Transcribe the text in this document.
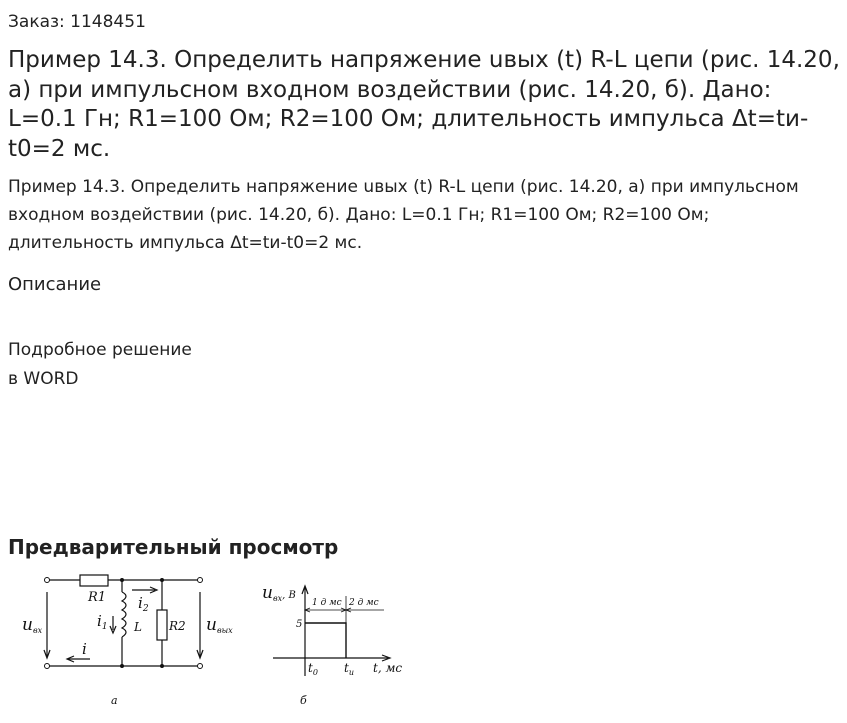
Заказ: 1148451
Пример 14.3. Определить напряжение uвых (t) R-L цепи (рис. 14.20, а) при импульсном входном воздействии (рис. 14.20, б). Дано: L=0.1 Гн; R1=100 Ом; R2=100 Ом; длительность импульса Δt=tи-t0=2 мс.
Пример 14.3. Определить напряжение uвых (t) R-L цепи (рис. 14.20, а) при импульсном входном воздействии (рис. 14.20, б). Дано: L=0.1 Гн; R1=100 Ом; R2=100 Ом; длительность импульса Δt=tи-t0=2 мс.
Описание
Подробное решение
в WORD
Предварительный просмотр
R1
L R2
$i_2$
$i_1$
i
uвх	uвых
uвх, В
1 д мс 2 д мс
5
$t_0$ $t_и$ t, мс
а	б
